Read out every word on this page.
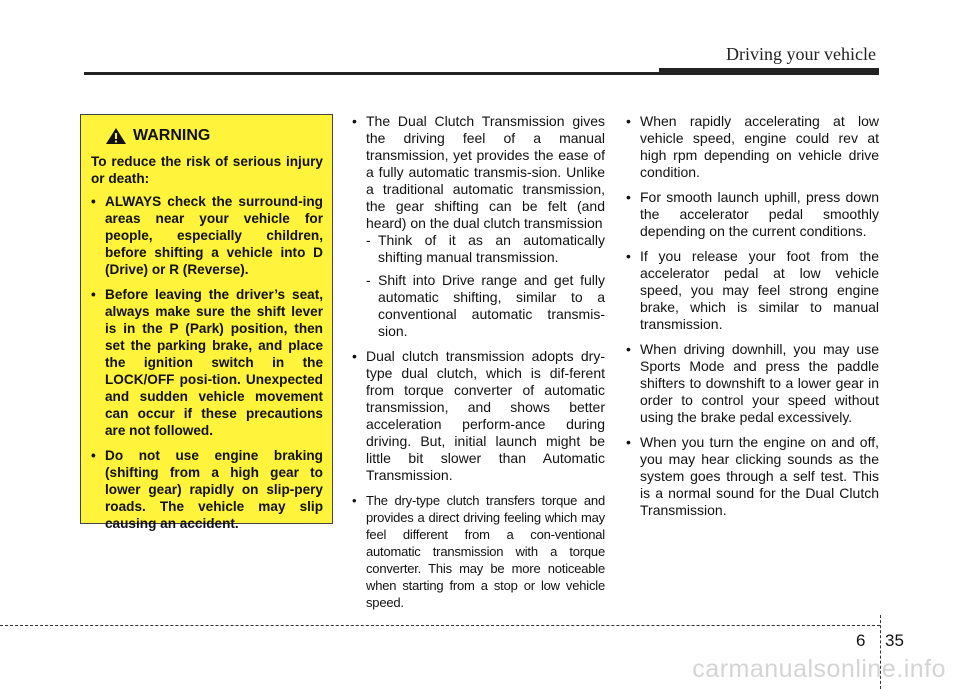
Driving your vehicle
WARNING
To reduce the risk of serious injury or death:
• ALWAYS check the surround-ing areas near your vehicle for people, especially children, before shifting a vehicle into D (Drive) or R (Reverse).
• Before leaving the driver’s seat, always make sure the shift lever is in the P (Park) position, then set the parking brake, and place the ignition switch in the LOCK/OFF posi-tion. Unexpected and sudden vehicle movement can occur if these precautions are not followed.
• Do not use engine braking (shifting from a high gear to lower gear) rapidly on slip-pery roads. The vehicle may slip causing an accident.
• The Dual Clutch Transmission gives the driving feel of a manual transmission, yet provides the ease of a fully automatic transmis-sion. Unlike a traditional automatic transmission, the gear shifting can be felt (and heard) on the dual clutch transmission
- Think of it as an automatically shifting manual transmission.
- Shift into Drive range and get fully automatic shifting, similar to a conventional automatic transmis-sion.
• Dual clutch transmission adopts dry-type dual clutch, which is dif-ferent from torque converter of automatic transmission, and shows better acceleration perform-ance during driving. But, initial launch might be little bit slower than Automatic Transmission.
• The dry-type clutch transfers torque and provides a direct driving feeling which may feel different from a con-ventional automatic transmission with a torque converter. This may be more noticeable when starting from a stop or low vehicle speed.
• When rapidly accelerating at low vehicle speed, engine could rev at high rpm depending on vehicle drive condition.
• For smooth launch uphill, press down the accelerator pedal smoothly depending on the current conditions.
• If you release your foot from the accelerator pedal at low vehicle speed, you may feel strong engine brake, which is similar to manual transmission.
• When driving downhill, you may use Sports Mode and press the paddle shifters to downshift to a lower gear in order to control your speed without using the brake pedal excessively.
• When you turn the engine on and off, you may hear clicking sounds as the system goes through a self test. This is a normal sound for the Dual Clutch Transmission.
6 35
carmanualsonline.info
